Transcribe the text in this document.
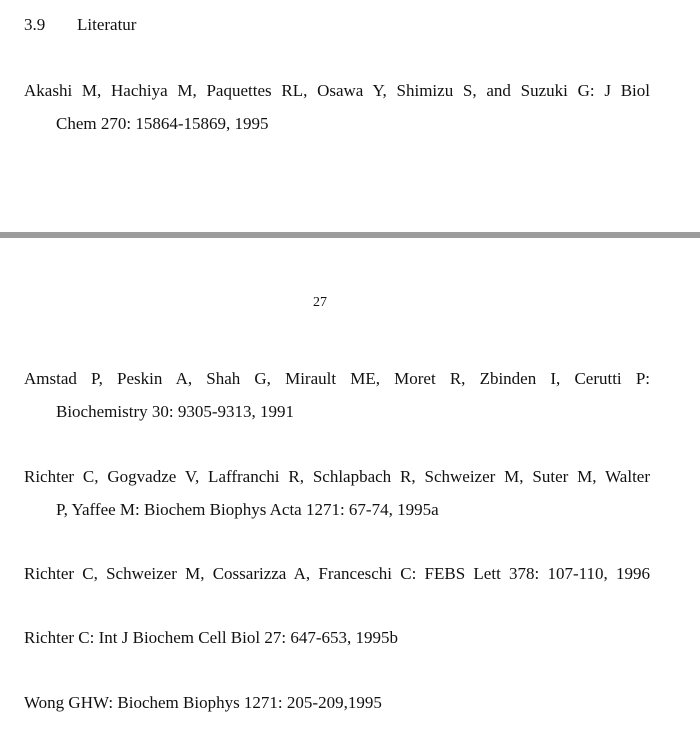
3.9 Literatur
Akashi M, Hachiya M, Paquettes RL, Osawa Y, Shimizu S, and Suzuki G: J Biol
Chem 270: 15864-15869, 1995
27
Amstad P, Peskin A, Shah G, Mirault ME, Moret R, Zbinden I, Cerutti P:
Biochemistry 30: 9305-9313, 1991
Richter C, Gogvadze V, Laffranchi R, Schlapbach R, Schweizer M, Suter M, Walter
P, Yaffee M: Biochem Biophys Acta 1271: 67-74, 1995a
Richter C, Schweizer M, Cossarizza A, Franceschi C: FEBS Lett 378: 107-110, 1996
Richter C: Int J Biochem Cell Biol 27: 647-653, 1995b
Wong GHW: Biochem Biophys 1271: 205-209,1995
